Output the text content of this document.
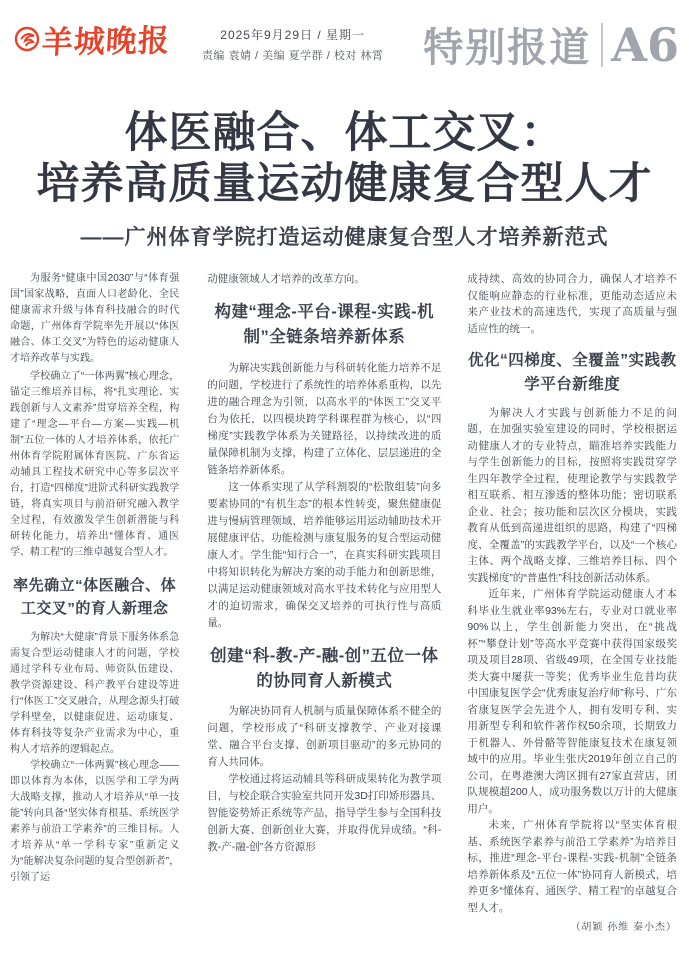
羊城晚报	2025年9月29日 / 星期一
责编 袁婧 / 美编 夏学群 / 校对 林霄 特别报道 A6
体医融合、体工交叉：
培养高质量运动健康复合型人才
——广州体育学院打造运动健康复合型人才培养新范式

为服务“健康中国2030”与“体育强国”国家战略，直面人口老龄化、全民健康需求升级与体育科技融合的时代命题，广州体育学院率先开展以“体医融合、体工交叉”为特色的运动健康人才培养改革与实践。

学校确立了“一体两翼”核心理念，锚定三维培养目标，将“扎实理论、实践创新与人文素养”贯穿培养全程，构建了“理念—平台—方案—实践—机制”五位一体的人才培养体系，依托广州体育学院附属体育医院、广东省运动辅具工程技术研究中心等多层次平台，打造“四梯度”进阶式科研实践教学链，将真实项目与前沿研究融入教学全过程，有效激发学生创新潜能与科研转化能力，培养出“懂体育、通医学、精工程”的三维卓越复合型人才。

率先确立“体医融合、体工交叉”的育人新理念

为解决“大健康”背景下服务体系急需复合型运动健康人才的问题，学校通过学科专业布局、师资队伍建设、教学资源建设、科产教平台建设等进行“体医工”交叉融合，从理念源头打破学科壁垒，以健康促进、运动康复、体育科技等复杂产业需求为中心，重构人才培养的逻辑起点。

学校确立“一体两翼”核心理念——即以体育为本体，以医学和工学为两大战略支撑，推动人才培养从“单一技能”转向具备“坚实体育根基、系统医学素养与前沿工学素养”的三维目标。人才培养从“单一学科专家”重新定义为“能解决复杂问题的复合型创新者”，引领了运

动健康领域人才培养的改革方向。

构建“理念-平台-课程-实践-机制”全链条培养新体系

为解决实践创新能力与科研转化能力培养不足的问题，学校进行了系统性的培养体系重构，以先进的融合理念为引领，以高水平的“体医工”交叉平台为依托，以四模块跨学科课程群为核心，以“四梯度”实践教学体系为关键路径，以持续改进的质量保障机制为支撑，构建了立体化、层层递进的全链条培养新体系。

这一体系实现了从学科割裂的“松散组装”向多要素协同的“有机生态”的根本性转变，聚焦健康促进与慢病管理领域，培养能够运用运动辅助技术开展健康评估、功能检测与康复服务的复合型运动健康人才。学生能“知行合一”，在真实科研实践项目中将知识转化为解决方案的动手能力和创新思维，以满足运动健康领域对高水平技术转化与应用型人才的迫切需求，确保交叉培养的可执行性与高质量。

创建“科-教-产-融-创”五位一体的协同育人新模式

为解决协同育人机制与质量保障体系不健全的问题，学校形成了“科研支撑教学、产业对接课堂、融合平台支撑、创新项目驱动”的多元协同的育人共同体。

学校通过将运动辅具等科研成果转化为教学项目，与校企联合实验室共同开发3D打印矫形器具、智能姿势矫正系统等产品，指导学生参与全国科技创新大赛、创新创业大赛，并取得优异成绩。“科-教-产-融-创”各方资源形

成持续、高效的协同合力，确保人才培养不仅能响应静态的行业标准，更能动态适应未来产业技术的高速迭代，实现了高质量与强适应性的统一。

优化“四梯度、全覆盖”实践教学平台新维度

为解决人才实践与创新能力不足的问题，在加强实验室建设的同时，学校根据运动健康人才的专业特点，瞄准培养实践能力与学生创新能力的目标，按照将实践贯穿学生四年教学全过程，使理论教学与实践教学相互联系、相互渗透的整体功能；密切联系企业、社会；按功能和层次区分模块，实践教育从低到高递进组织的思路，构建了“四梯度、全覆盖”的实践教学平台，以及“一个核心主体、两个战略支撑、三维培养目标、四个实践梯度”的“普惠性”科技创新活动体系。

近年来，广州体育学院运动健康人才本科毕业生就业率93%左右，专业对口就业率90%以上，学生创新能力突出，在“挑战杯”“攀登计划”等高水平竞赛中获得国家级奖项及项目28项、省级49项，在全国专业技能类大赛中屡获一等奖；优秀毕业生危昔均获中国康复医学会“优秀康复治疗师”称号、广东省康复医学会先进个人，拥有发明专利、实用新型专利和软件著作权50余项，长期致力于机器人、外骨骼等智能康复技术在康复领域中的应用。毕业生张庆2019年创立自己的公司，在粤港澳大湾区拥有27家直营店，团队规模超200人，成功服务数以万计的大健康用户。

未来，广州体育学院将以“坚实体育根基、系统医学素养与前沿工学素养”为培养目标，推进“理念-平台-课程-实践-机制”全链条培养新体系及“五位一体”协同育人新模式，培养更多“懂体育、通医学、精工程”的卓越复合型人才。

（胡颖 孙维 秦小杰）
